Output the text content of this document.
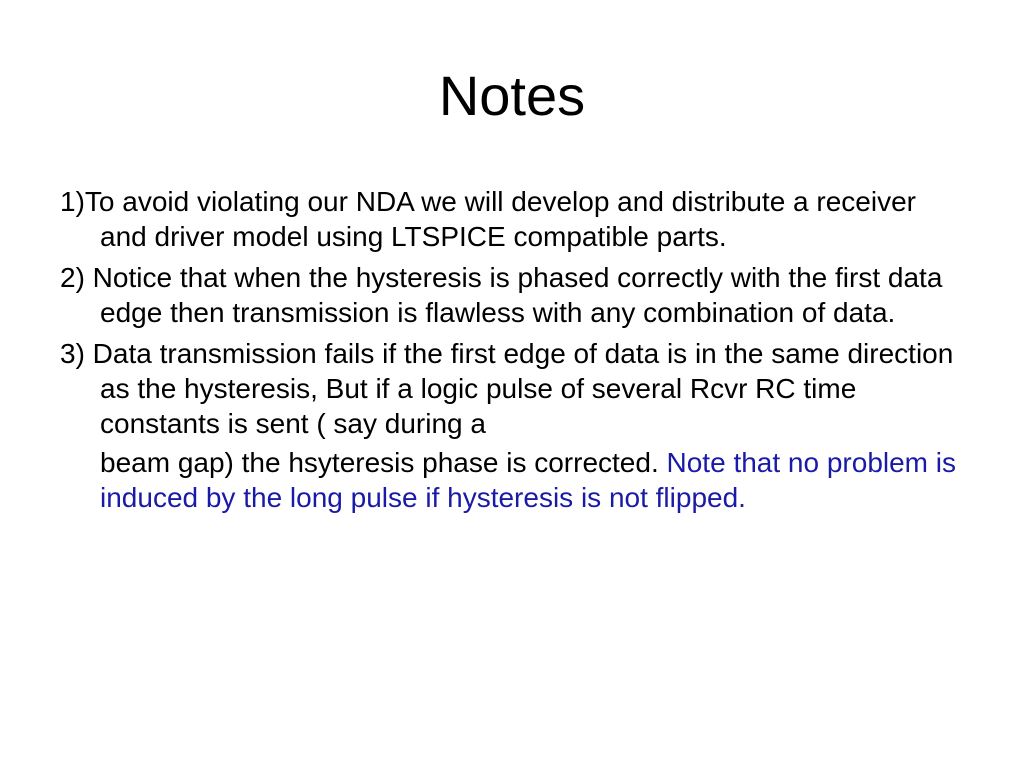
Notes
1)To avoid violating our NDA we will develop and distribute a receiver and driver model using LTSPICE compatible parts.
2) Notice that when the hysteresis is phased correctly with the first data edge then transmission is flawless with any combination of data.
3) Data transmission fails if the first edge of data is in the same direction as the hysteresis, But if a logic pulse of several Rcvr RC time constants is sent ( say during a
beam gap) the hsyteresis phase is corrected. Note that no problem is induced by the long pulse if hysteresis is not flipped.
